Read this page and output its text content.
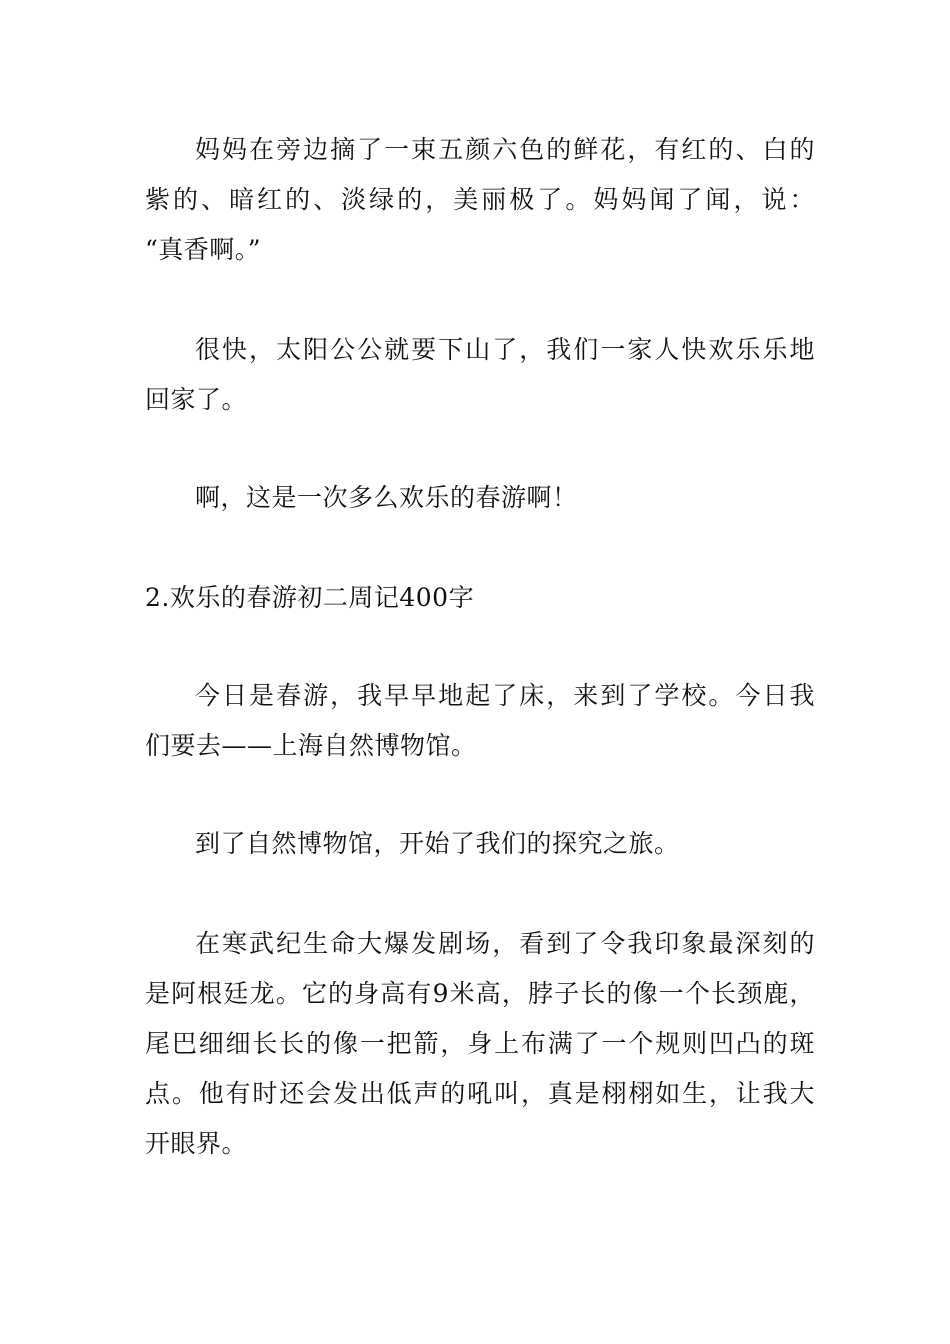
妈妈在旁边摘了一束五颜六色的鲜花，有红的、白的
紫的、暗红的、淡绿的，美丽极了。妈妈闻了闻，说：
“真香啊。”
很快，太阳公公就要下山了，我们一家人快欢乐乐地
回家了。
啊，这是一次多么欢乐的春游啊！
2.欢乐的春游初二周记400字
今日是春游，我早早地起了床，来到了学校。今日我
们要去——上海自然博物馆。
到了自然博物馆，开始了我们的探究之旅。
在寒武纪生命大爆发剧场，看到了令我印象最深刻的
是阿根廷龙。它的身高有9米高，脖子长的像一个长颈鹿，
尾巴细细长长的像一把箭，身上布满了一个规则凹凸的斑
点。他有时还会发出低声的吼叫，真是栩栩如生，让我大
开眼界。
